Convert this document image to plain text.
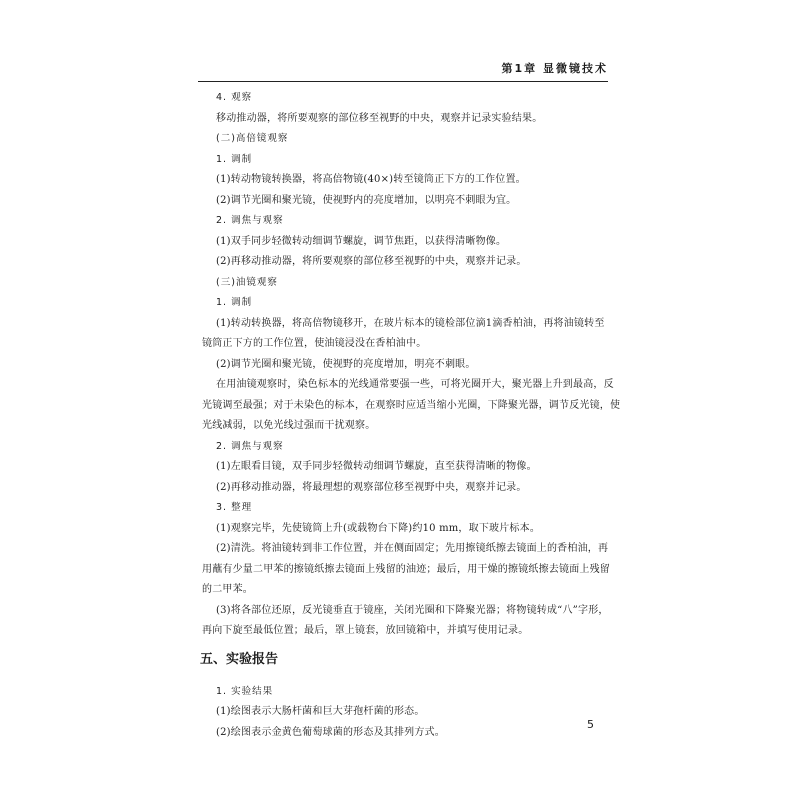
第1章 显微镜技术
4. 观察
移动推动器，将所要观察的部位移至视野的中央，观察并记录实验结果。
(二)高倍镜观察
1. 调制
(1)转动物镜转换器，将高倍物镜(40×)转至镜筒正下方的工作位置。
(2)调节光圈和聚光镜，使视野内的亮度增加，以明亮不刺眼为宜。
2. 调焦与观察
(1)双手同步轻微转动细调节螺旋，调节焦距，以获得清晰物像。
(2)再移动推动器，将所要观察的部位移至视野的中央，观察并记录。
(三)油镜观察
1. 调制
(1)转动转换器，将高倍物镜移开，在玻片标本的镜检部位滴1滴香柏油，再将油镜转至
镜筒正下方的工作位置，使油镜浸没在香柏油中。
(2)调节光圈和聚光镜，使视野的亮度增加，明亮不刺眼。
在用油镜观察时，染色标本的光线通常要强一些，可将光圈开大，聚光器上升到最高，反
光镜调至最强；对于未染色的标本，在观察时应适当缩小光圈，下降聚光器，调节反光镜，使
光线减弱，以免光线过强而干扰观察。
2. 调焦与观察
(1)左眼看目镜，双手同步轻微转动细调节螺旋，直至获得清晰的物像。
(2)再移动推动器，将最理想的观察部位移至视野中央，观察并记录。
3. 整理
(1)观察完毕，先使镜筒上升(或载物台下降)约10 mm，取下玻片标本。
(2)清洗。将油镜转到非工作位置，并在侧面固定；先用擦镜纸擦去镜面上的香柏油，再
用蘸有少量二甲苯的擦镜纸擦去镜面上残留的油迹；最后，用干燥的擦镜纸擦去镜面上残留
的二甲苯。
(3)将各部位还原，反光镜垂直于镜座，关闭光圈和下降聚光器；将物镜转成“八”字形，
再向下旋至最低位置；最后，罩上镜套，放回镜箱中，并填写使用记录。
五、实验报告
1. 实验结果
(1)绘图表示大肠杆菌和巨大芽孢杆菌的形态。
(2)绘图表示金黄色葡萄球菌的形态及其排列方式。
5
